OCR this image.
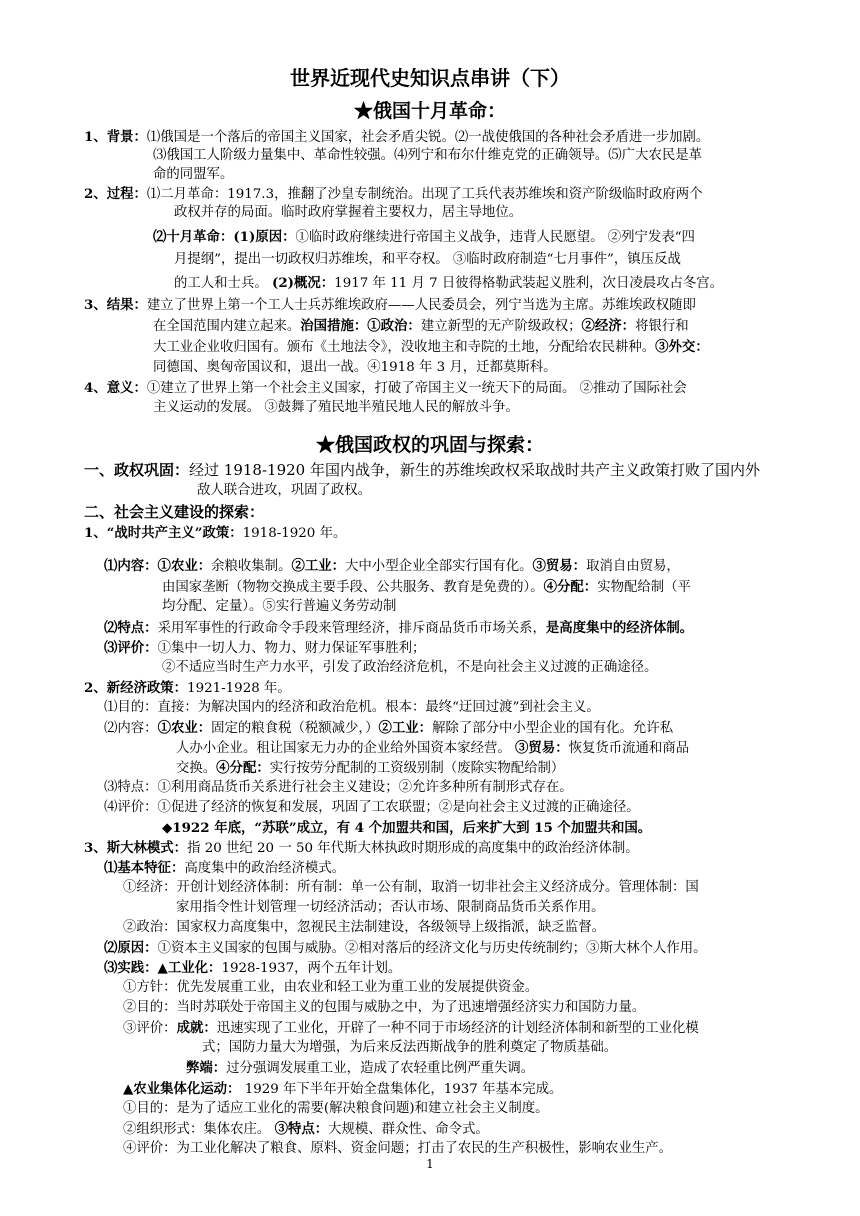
世界近现代史知识点串讲（下）
★俄国十月革命：
★俄国政权的巩固与探索：
1、背景：⑴俄国是一个落后的帝国主义国家，社会矛盾尖锐。⑵一战使俄国的各种社会矛盾进一步加剧。
⑶俄国工人阶级力量集中、革命性较强。⑷列宁和布尔什维克党的正确领导。⑸广大农民是革
命的同盟军。
2、过程：⑴二月革命：1917.3，推翻了沙皇专制统治。出现了工兵代表苏维埃和资产阶级临时政府两个
政权并存的局面。临时政府掌握着主要权力，居主导地位。
⑵十月革命：(1)原因：①临时政府继续进行帝国主义战争，违背人民愿望。 ②列宁发表“四
月提纲”，提出一切政权归苏维埃，和平夺权。 ③临时政府制造“七月事件”，镇压反战
的工人和士兵。 (2)概况：1917 年 11 月 7 日彼得格勒武装起义胜利，次日凌晨攻占冬宫。
3、结果：建立了世界上第一个工人士兵苏维埃政府——人民委员会，列宁当选为主席。苏维埃政权随即
在全国范围内建立起来。治国措施：①政治：建立新型的无产阶级政权；②经济：将银行和
大工业企业收归国有。颁布《土地法令》，没收地主和寺院的土地，分配给农民耕种。③外交：
同德国、奥匈帝国议和，退出一战。④1918 年 3 月，迁都莫斯科。
4、意义：①建立了世界上第一个社会主义国家，打破了帝国主义一统天下的局面。 ②推动了国际社会
主义运动的发展。 ③鼓舞了殖民地半殖民地人民的解放斗争。
一、政权巩固：经过 1918-1920 年国内战争，新生的苏维埃政权采取战时共产主义政策打败了国内外
敌人联合进攻，巩固了政权。
二、社会主义建设的探索：
1、“战时共产主义”政策：1918-1920 年。
⑴内容：①农业：余粮收集制。②工业：大中小型企业全部实行国有化。③贸易：取消自由贸易，
由国家垄断（物物交换成主要手段、公共服务、教育是免费的）。④分配：实物配给制（平
均分配、定量）。⑤实行普遍义务劳动制
⑵特点：采用军事性的行政命令手段来管理经济，排斥商品货币市场关系，是高度集中的经济体制。
⑶评价：①集中一切人力、物力、财力保证军事胜利；
②不适应当时生产力水平，引发了政治经济危机，不是向社会主义过渡的正确途径。
2、新经济政策：1921-1928 年。
⑴目的：直接：为解决国内的经济和政治危机。根本：最终“迂回过渡”到社会主义。
⑵内容：①农业：固定的粮食税（税额减少，）②工业：解除了部分中小型企业的国有化。允许私
人办小企业。租让国家无力办的企业给外国资本家经营。 ③贸易：恢复货币流通和商品
交换。④分配：实行按劳分配制的工资级别制（废除实物配给制）
⑶特点：①利用商品货币关系进行社会主义建设；②允许多种所有制形式存在。
⑷评价：①促进了经济的恢复和发展，巩固了工农联盟；②是向社会主义过渡的正确途径。
◆1922 年底，“苏联”成立，有 4 个加盟共和国，后来扩大到 15 个加盟共和国。
3、斯大林模式：指 20 世纪 20 一 50 年代斯大林执政时期形成的高度集中的政治经济体制。
⑴基本特征：高度集中的政治经济模式。
①经济：开创计划经济体制：所有制：单一公有制，取消一切非社会主义经济成分。管理体制：国
家用指令性计划管理一切经济活动；否认市场、限制商品货币关系作用。
②政治：国家权力高度集中，忽视民主法制建设，各级领导上级指派，缺乏监督。
⑵原因：①资本主义国家的包围与威胁。②相对落后的经济文化与历史传统制约；③斯大林个人作用。
⑶实践：▲工业化：1928-1937，两个五年计划。
①方针：优先发展重工业，由农业和轻工业为重工业的发展提供资金。
②目的：当时苏联处于帝国主义的包围与威胁之中，为了迅速增强经济实力和国防力量。
③评价：成就：迅速实现了工业化，开辟了一种不同于市场经济的计划经济体制和新型的工业化模
式；国防力量大为增强，为后来反法西斯战争的胜利奠定了物质基础。
弊端：过分强调发展重工业，造成了农轻重比例严重失调。
▲农业集体化运动： 1929 年下半年开始全盘集体化，1937 年基本完成。
①目的：是为了适应工业化的需要(解决粮食问题)和建立社会主义制度。
②组织形式：集体农庄。 ③特点：大规模、群众性、命令式。
④评价：为工业化解决了粮食、原料、资金问题；打击了农民的生产积极性，影响农业生产。
1
